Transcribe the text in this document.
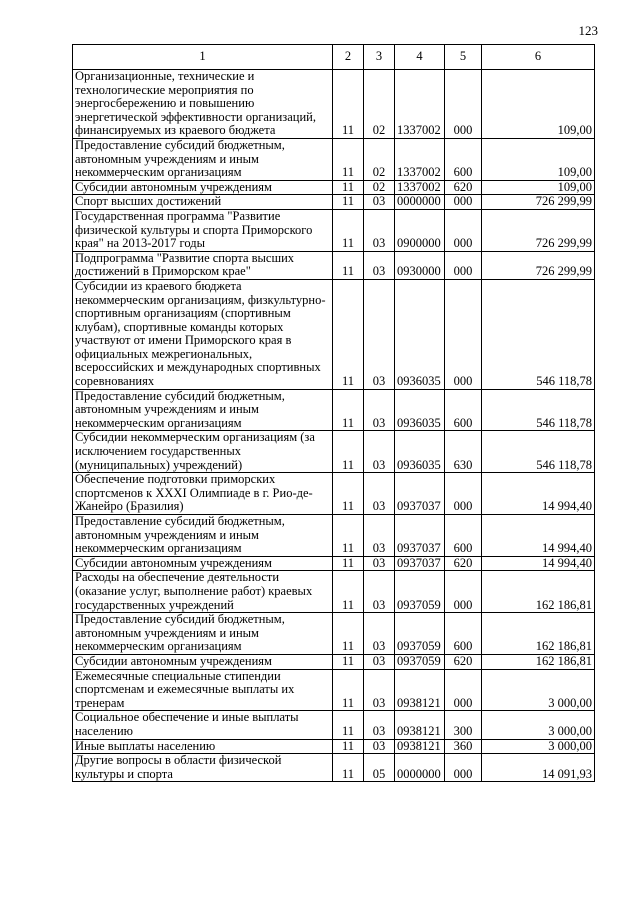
123
1	2	3	4	5	6
Организационные, технические и технологические мероприятия по энергосбережению и повышению энергетической эффективности организаций, финансируемых из краевого бюджета	11	02	1337002	000	109,00
Предоставление субсидий бюджетным, автономным учреждениям и иным некоммерческим организациям	11	02	1337002	600	109,00
Субсидии автономным учреждениям	11	02	1337002	620	109,00
Спорт высших достижений	11	03	0000000	000	726 299,99
Государственная программа "Развитие физической культуры и спорта Приморского края" на 2013-2017 годы	11	03	0900000	000	726 299,99
Подпрограмма "Развитие спорта высших достижений в Приморском крае"	11	03	0930000	000	726 299,99
Субсидии из краевого бюджета некоммерческим организациям, физкультурно-спортивным организациям (спортивным клубам), спортивные команды которых участвуют от имени Приморского края в официальных межрегиональных, всероссийских и международных спортивных соревнованиях	11	03	0936035	000	546 118,78
Предоставление субсидий бюджетным, автономным учреждениям и иным некоммерческим организациям	11	03	0936035	600	546 118,78
Субсидии некоммерческим организациям (за исключением государственных (муниципальных) учреждений)	11	03	0936035	630	546 118,78
Обеспечение подготовки приморских спортсменов к XXXI Олимпиаде в г. Рио-де-Жанейро (Бразилия)	11	03	0937037	000	14 994,40
Предоставление субсидий бюджетным, автономным учреждениям и иным некоммерческим организациям	11	03	0937037	600	14 994,40
Субсидии автономным учреждениям	11	03	0937037	620	14 994,40
Расходы на обеспечение деятельности (оказание услуг, выполнение работ) краевых государственных учреждений	11	03	0937059	000	162 186,81
Предоставление субсидий бюджетным, автономным учреждениям и иным некоммерческим организациям	11	03	0937059	600	162 186,81
Субсидии автономным учреждениям	11	03	0937059	620	162 186,81
Ежемесячные специальные стипендии спортсменам и ежемесячные выплаты их тренерам	11	03	0938121	000	3 000,00
Социальное обеспечение и иные выплаты населению	11	03	0938121	300	3 000,00
Иные выплаты населению	11	03	0938121	360	3 000,00
Другие вопросы в области физической культуры и спорта	11	05	0000000	000	14 091,93
